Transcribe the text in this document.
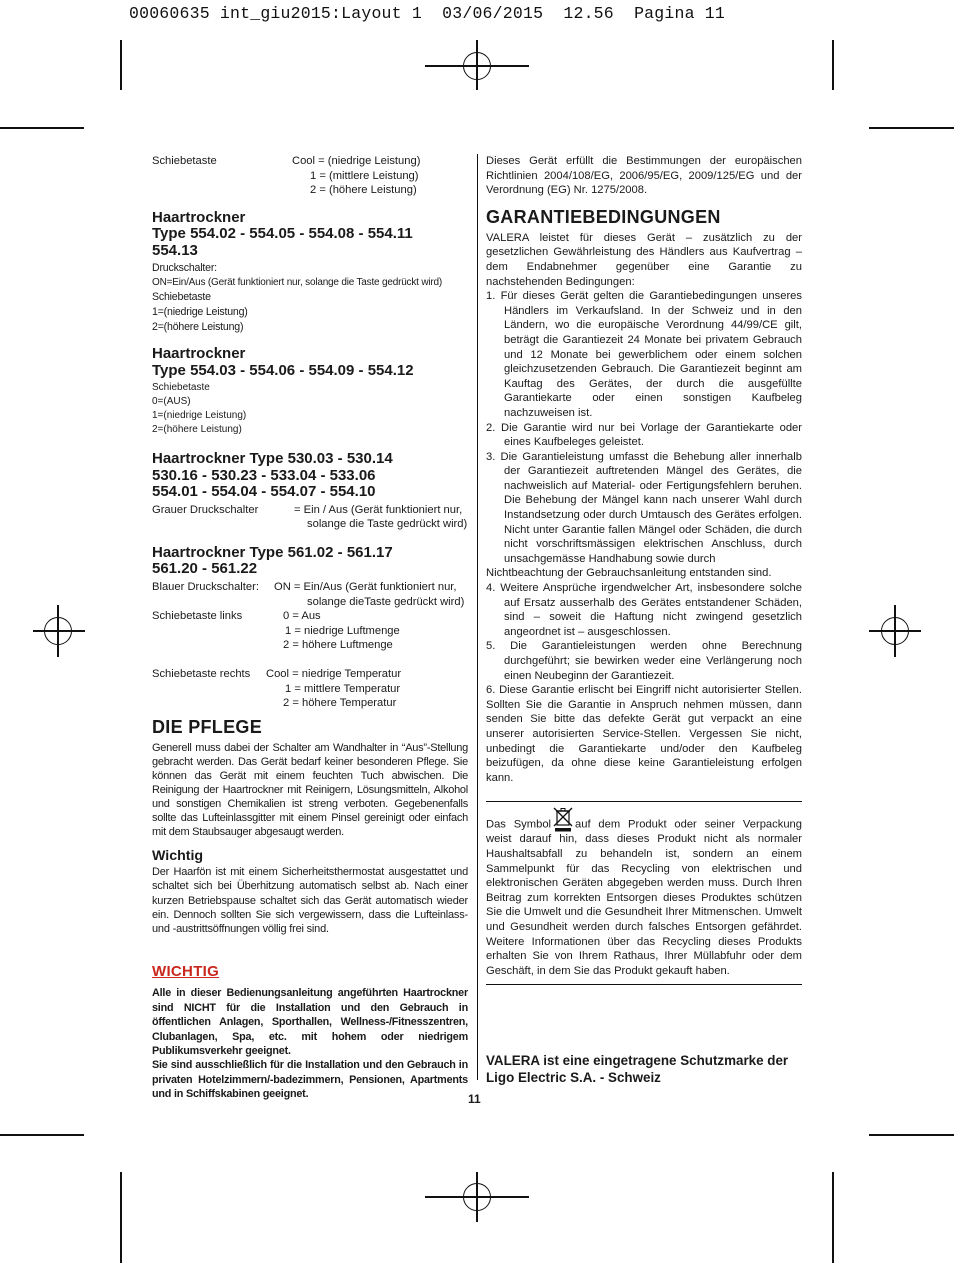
00060635 int_giu2015:Layout 1  03/06/2015  12.56  Pagina 11
Schiebetaste	Cool = (niedrige Leistung)
1 = (mittlere Leistung)
2 = (höhere Leistung)
Haartrockner
Type 554.02 - 554.05 - 554.08 - 554.11
554.13
Druckschalter:
ON=Ein/Aus (Gerät funktioniert nur, solange die Taste gedrückt wird)
Schiebetaste
1=(niedrige Leistung)
2=(höhere Leistung)
Haartrockner
Type 554.03 - 554.06 - 554.09 - 554.12
Schiebetaste
0=(AUS)
1=(niedrige Leistung)
2=(höhere Leistung)
Haartrockner Type 530.03 - 530.14
530.16 - 530.23 - 533.04 - 533.06
554.01 - 554.04 - 554.07 - 554.10
Grauer Druckschalter	= Ein / Aus (Gerät funktioniert nur,
solange die Taste gedrückt wird)
Haartrockner Type 561.02 - 561.17
561.20 - 561.22
Blauer Druckschalter:	ON = Ein/Aus (Gerät funktioniert nur,
solange dieTaste gedrückt wird)
Schiebetaste links	0 = Aus
1 = niedrige Luftmenge
2 = höhere Luftmenge
Schiebetaste rechts	Cool = niedrige Temperatur
1 = mittlere Temperatur
2 = höhere Temperatur
DIE PFLEGE
Generell muss dabei der Schalter am Wandhalter in “Aus”-Stellung gebracht werden. Das Gerät bedarf keiner besonderen Pflege. Sie können das Gerät mit einem feuchten Tuch abwischen. Die Reinigung der Haartrockner mit Reinigern, Lösungsmitteln, Alkohol und sonstigen Chemikalien ist streng verboten. Gegebenenfalls sollte das Lufteinlassgitter mit einem Pinsel gereinigt oder einfach mit dem Staubsauger abgesaugt werden.
Wichtig
Der Haarfön ist mit einem Sicherheitsthermostat ausgestattet und schaltet sich bei Überhitzung automatisch selbst ab. Nach einer kurzen Betriebspause schaltet sich das Gerät automatisch wieder ein. Dennoch sollten Sie sich vergewissern, dass die Lufteinlass- und -austrittsöffnungen völlig frei sind.
WICHTIG
Alle in dieser Bedienungsanleitung angeführten Haartrockner sind NICHT für die Installation und den Gebrauch in öffentlichen Anlagen, Sporthallen, Wellness-/Fitnesszentren, Clubanlagen, Spa, etc. mit hohem oder niedrigem Publikumsverkehr geeignet.
Sie sind ausschließlich für die Installation und den Gebrauch in privaten Hotelzimmern/-badezimmern, Pensionen, Apartments und in Schiffskabinen geeignet.
Dieses Gerät erfüllt die Bestimmungen der europäischen Richtlinien 2004/108/EG, 2006/95/EG, 2009/125/EG und der Verordnung (EG) Nr. 1275/2008.
GARANTIEBEDINGUNGEN
VALERA leistet für dieses Gerät – zusätzlich zu der gesetzlichen Gewährleistung des Händlers aus Kaufvertrag – dem Endabnehmer gegenüber eine Garantie zu nachstehenden Bedingungen:
1. Für dieses Gerät gelten die Garantiebedingungen unseres Händlers im Verkaufsland. In der Schweiz und in den Ländern, wo die europäische Verordnung 44/99/CE gilt, beträgt die Garantiezeit 24 Monate bei privatem Gebrauch und 12 Monate bei gewerblichem oder einem solchen gleichzusetzenden Gebrauch. Die Garantiezeit beginnt am Kauftag des Gerätes, der durch die ausgefüllte Garantiekarte oder einen sonstigen Kaufbeleg nachzuweisen ist.
2. Die Garantie wird nur bei Vorlage der Garantiekarte oder eines Kaufbeleges geleistet.
3. Die Garantieleistung umfasst die Behebung aller innerhalb der Garantiezeit auftretenden Mängel des Gerätes, die nachweislich auf Material- oder Fertigungsfehlern beruhen. Die Behebung der Mängel kann nach unserer Wahl durch Instandsetzung oder durch Umtausch des Gerätes erfolgen. Nicht unter Garantie fallen Mängel oder Schäden, die durch nicht vorschriftsmässigen elektrischen Anschluss, durch unsachgemässe Handhabung sowie durch
Nichtbeachtung der Gebrauchsanleitung entstanden sind.
4. Weitere Ansprüche irgendwelcher Art, insbesondere solche auf Ersatz ausserhalb des Gerätes entstandener Schäden, sind – soweit die Haftung nicht zwingend gesetzlich angeordnet ist – ausgeschlossen.
5. Die Garantieleistungen werden ohne Berechnung durchgeführt; sie bewirken weder eine Verlängerung noch einen Neubeginn der Garantiezeit.
6. Diese Garantie erlischt bei Eingriff nicht autorisierter Stellen. Sollten Sie die Garantie in Anspruch nehmen müssen, dann senden Sie bitte das defekte Gerät gut verpackt an eine unserer autorisierten Service-Stellen. Vergessen Sie nicht, unbedingt die Garantiekarte und/oder den Kaufbeleg beizufügen, da ohne diese keine Garantieleistung erfolgen kann.
Das Symbol auf dem Produkt oder seiner Verpackung weist darauf hin, dass dieses Produkt nicht als normaler Haushaltsabfall zu behandeln ist, sondern an einem Sammelpunkt für das Recycling von elektrischen und elektronischen Geräten abgegeben werden muss. Durch Ihren Beitrag zum korrekten Entsorgen dieses Produktes schützen Sie die Umwelt und die Gesundheit Ihrer Mitmenschen. Umwelt und Gesundheit werden durch falsches Entsorgen gefährdet. Weitere Informationen über das Recycling dieses Produkts erhalten Sie von Ihrem Rathaus, Ihrer Müllabfuhr oder dem Geschäft, in dem Sie das Produkt gekauft haben.
VALERA ist eine eingetragene Schutzmarke der Ligo Electric S.A. - Schweiz
11
